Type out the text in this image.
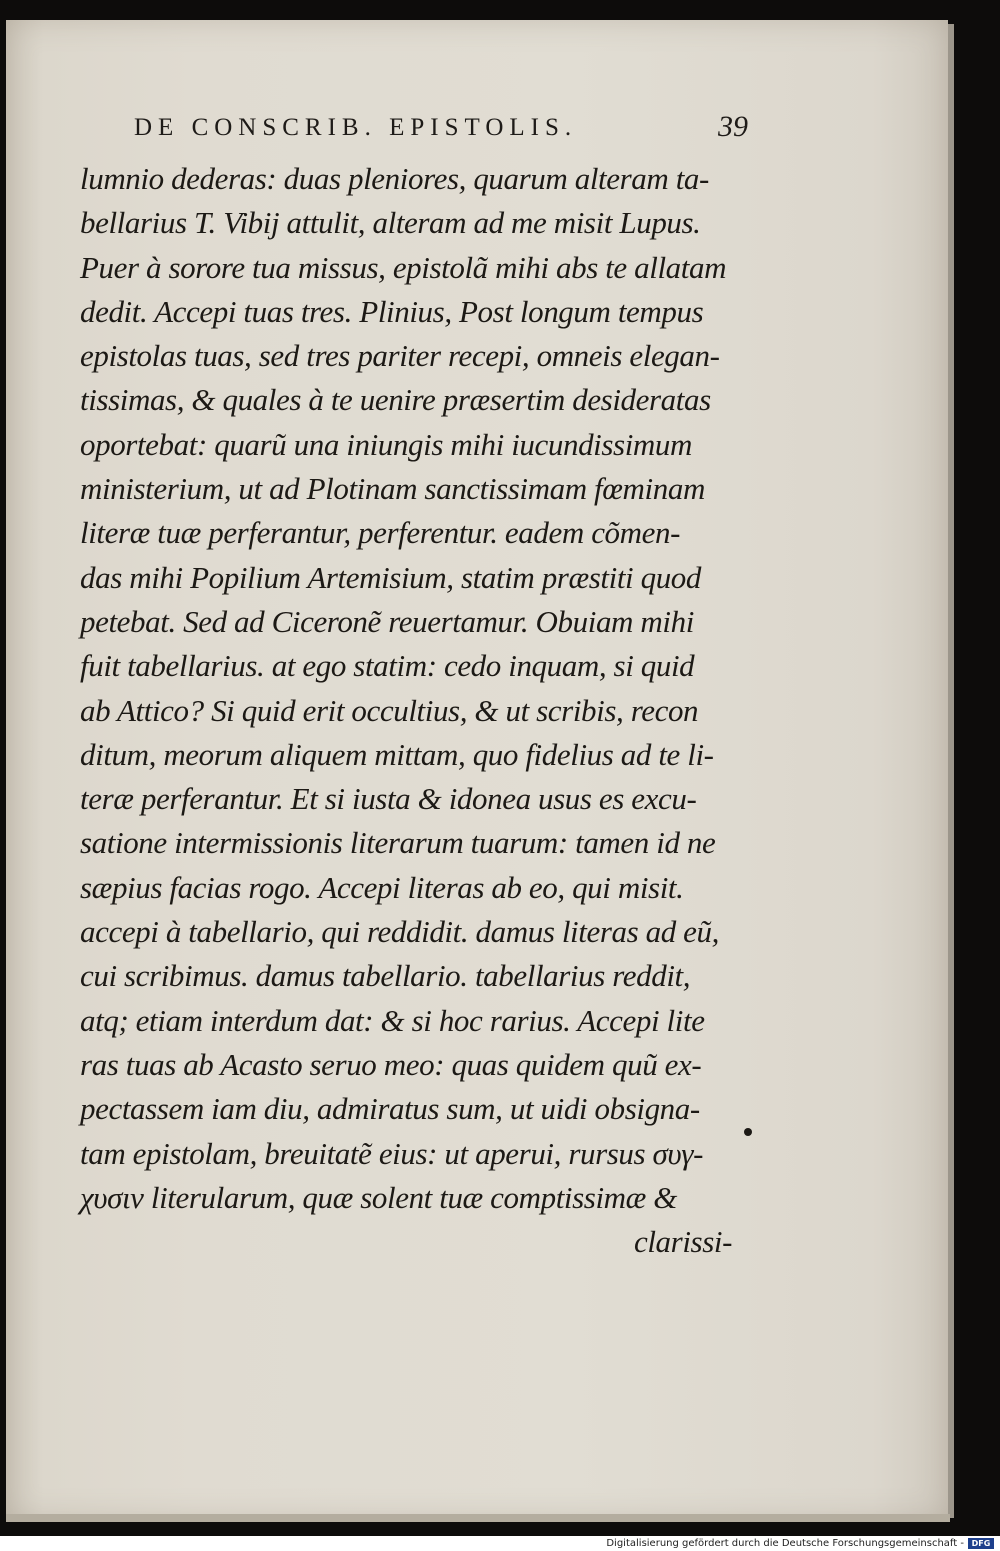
DE CONSCRIB. EPISTOLIS.	39
lumnio dederas: duas pleniores, quarum alteram ta-
bellarius T. Vibij attulit, alteram ad me misit Lupus.
Puer à sorore tua missus, epistolã mihi abs te allatam
dedit. Accepi tuas tres. Plinius, Post longum tempus
epistolas tuas, sed tres pariter recepi, omneis elegan-
tissimas, & quales à te uenire præsertim desideratas
oportebat: quarũ una iniungis mihi iucundissimum
ministerium, ut ad Plotinam sanctissimam fœminam
literæ tuæ perferantur, perferentur. eadem cõmen-
das mihi Popilium Artemisium, statim præstiti quod
petebat. Sed ad Ciceronẽ reuertamur. Obuiam mihi
fuit tabellarius. at ego statim: cedo inquam, si quid
ab Attico? Si quid erit occultius, & ut scribis, recon
ditum, meorum aliquem mittam, quo fidelius ad te li-
teræ perferantur. Et si iusta & idonea usus es excu-
satione intermissionis literarum tuarum: tamen id ne
sæpius facias rogo. Accepi literas ab eo, qui misit.
accepi à tabellario, qui reddidit. damus literas ad eũ,
cui scribimus. damus tabellario. tabellarius reddit,
atq; etiam interdum dat: & si hoc rarius. Accepi lite
ras tuas ab Acasto seruo meo: quas quidem quũ ex-
pectassem iam diu, admiratus sum, ut uidi obsigna-
tam epistolam, breuitatẽ eius: ut aperui, rursus συγ-
χυσιν literularum, quæ solent tuæ comptissimæ &
clarissi-
Digitalisierung gefördert durch die Deutsche Forschungsgemeinschaft - DFG
